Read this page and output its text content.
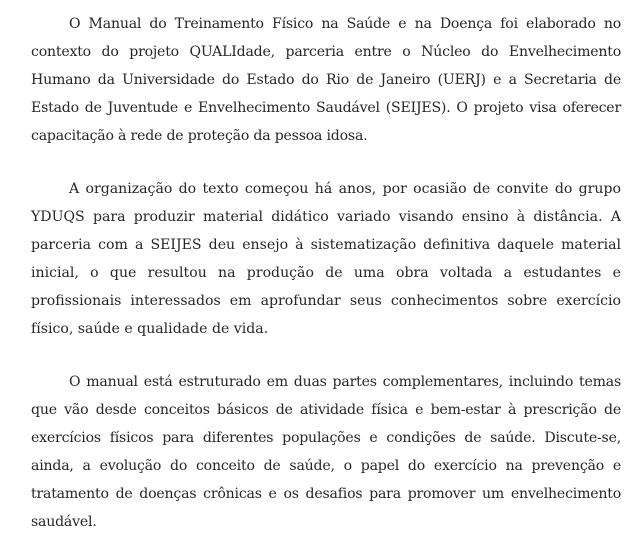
O Manual do Treinamento Físico na Saúde e na Doença foi elaborado no contexto do projeto QUALIdade, parceria entre o Núcleo do Envelhecimento Humano da Universidade do Estado do Rio de Janeiro (UERJ) e a Secretaria de Estado de Juventude e Envelhecimento Saudável (SEIJES). O projeto visa oferecer capacitação à rede de proteção da pessoa idosa.

A organização do texto começou há anos, por ocasião de convite do grupo YDUQS para produzir material didático variado visando ensino à distância. A parceria com a SEIJES deu ensejo à sistematização definitiva daquele material inicial, o que resultou na produção de uma obra voltada a estudantes e profissionais interessados em aprofundar seus conhecimentos sobre exercício físico, saúde e qualidade de vida.

O manual está estruturado em duas partes complementares, incluindo temas que vão desde conceitos básicos de atividade física e bem-estar à prescrição de exercícios físicos para diferentes populações e condições de saúde. Discute-se, ainda, a evolução do conceito de saúde, o papel do exercício na prevenção e tratamento de doenças crônicas e os desafios para promover um envelhecimento saudável.
